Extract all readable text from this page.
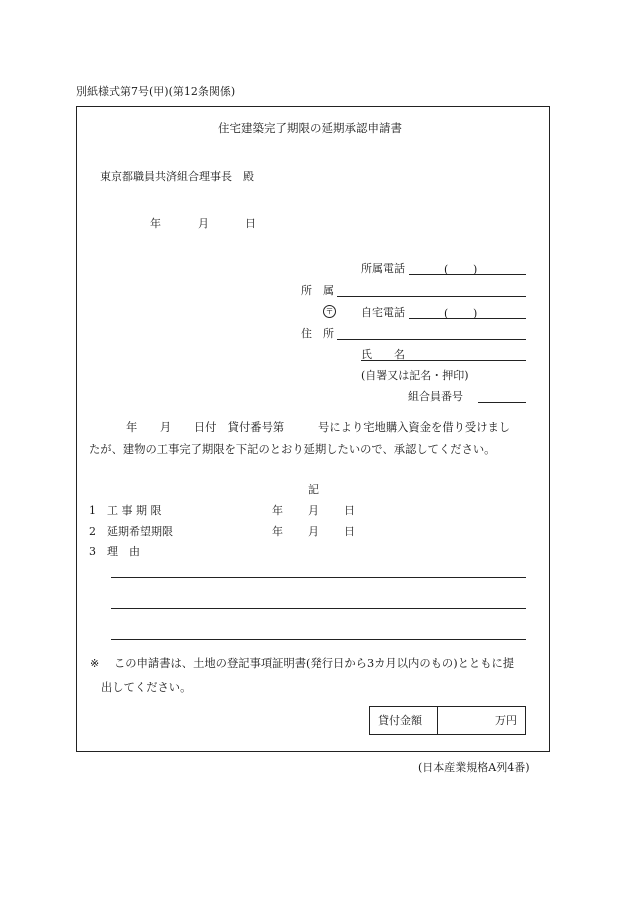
別紙様式第7号(甲)(第12条関係)
住宅建築完了期限の延期承認申請書
東京都職員共済組合理事長　殿
年	月	日
所属電話	( )
所　属
〒	自宅電話	( )
住　所
氏　　名
(自署又は記名・押印)
組合員番号
年　　月　　日付　貸付番号第　　　号により宅地購入資金を借り受けまし
たが、建物の工事完了期限を下記のとおり延期したいので、承認してください。
記
1 工 事 期 限	年 月 日
2 延期希望期限	年 月 日
3 理　由
※ この申請書は、土地の登記事項証明書(発行日から3カ月以内のもの)とともに提
出してください。
貸付金額	万円
(日本産業規格A列4番)
